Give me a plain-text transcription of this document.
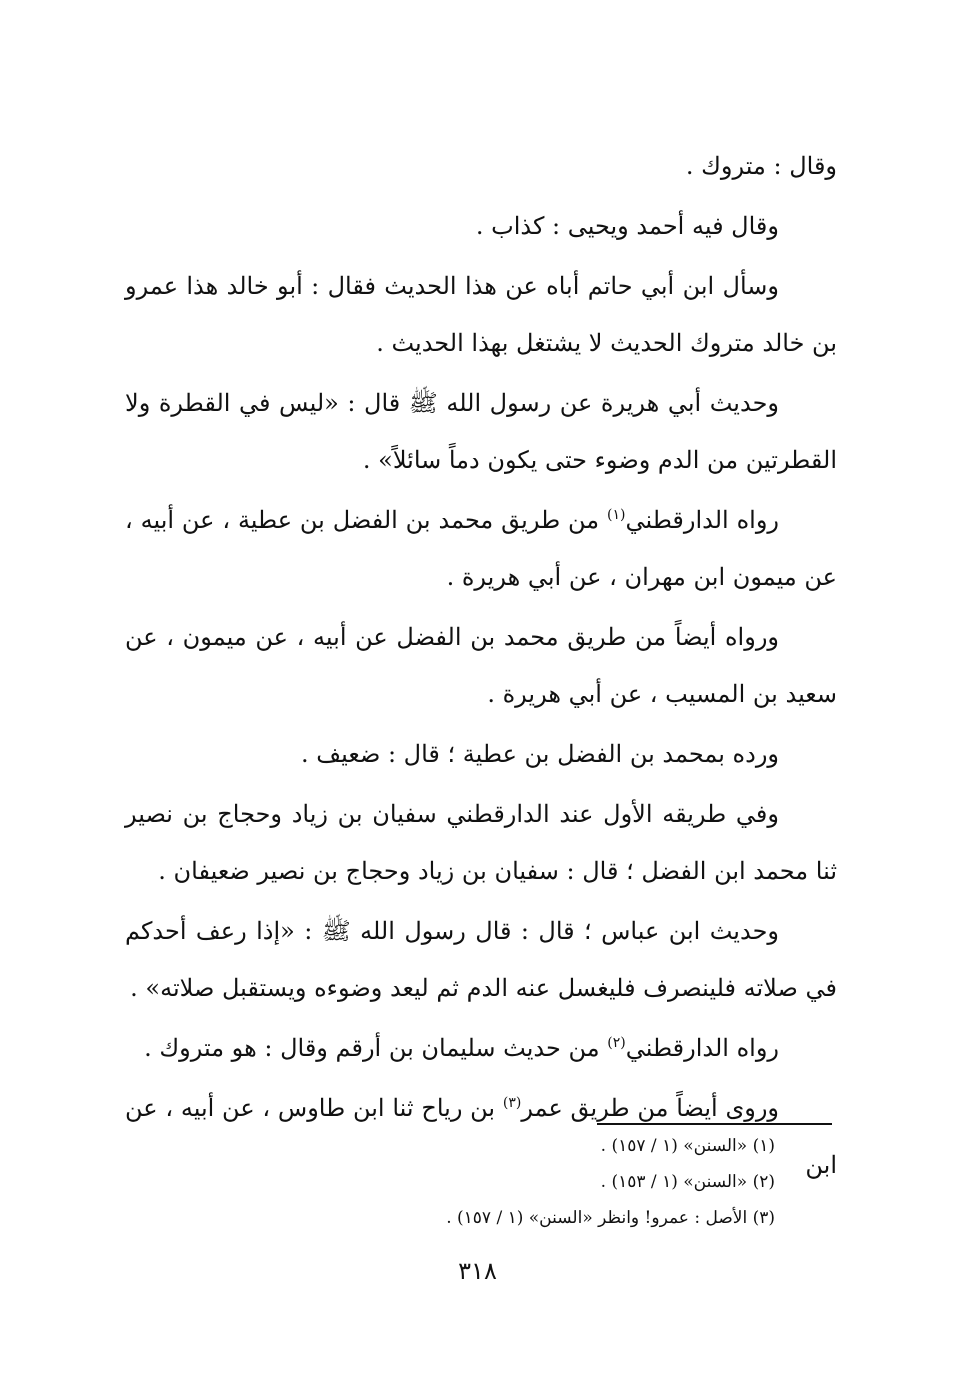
وقال : متروك .

وقال فيه أحمد ويحيى : كذاب .

وسأل ابن أبي حاتم أباه عن هذا الحديث فقال : أبو خالد هذا عمرو بن خالد متروك الحديث لا يشتغل بهذا الحديث .

وحديث أبي هريرة عن رسول الله ﷺ قال : «ليس في القطرة ولا القطرتين من الدم وضوء حتى يكون دماً سائلاً» .

رواه الدارقطني$^{(١)}$ من طريق محمد بن الفضل بن عطية ، عن أبيه ، عن ميمون ابن مهران ، عن أبي هريرة .

ورواه أيضاً من طريق محمد بن الفضل عن أبيه ، عن ميمون ، عن سعيد بن المسيب ، عن أبي هريرة .

ورده بمحمد بن الفضل بن عطية ؛ قال : ضعيف .

وفي طريقه الأول عند الدارقطني سفيان بن زياد وحجاج بن نصير ثنا محمد ابن الفضل ؛ قال : سفيان بن زياد وحجاج بن نصير ضعيفان .

وحديث ابن عباس ؛ قال : قال رسول الله ﷺ : «إذا رعف أحدكم في صلاته فلينصرف فليغسل عنه الدم ثم ليعد وضوءه ويستقبل صلاته» .

رواه الدارقطني$^{(٢)}$ من حديث سليمان بن أرقم وقال : هو متروك .

وروى أيضاً من طريق عمر$^{(٣)}$ بن رياح ثنا ابن طاوس ، عن أبيه ، عن ابن

(١) «السنن» (١ / ١٥٧) .

(٢) «السنن» (١ / ١٥٣) .

(٣) الأصل : عمرو! وانظر «السنن» (١ / ١٥٧) .

٣١٨
